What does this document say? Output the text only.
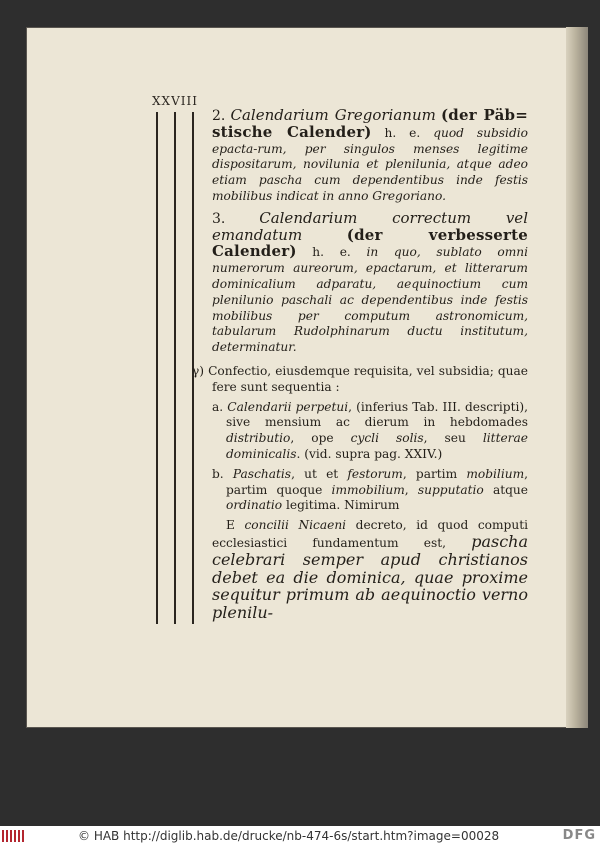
XXVIII

2. Calendarium Gregorianum (der Päb= stische Calender) h. e. quod subsidio epacta-rum, per singulos menses legitime dispositarum, novilunia et plenilunia, atque adeo etiam pascha cum dependentibus inde festis mobilibus indicat in anno Gregoriano.

3. Calendarium correctum vel emandatum	(der verbesserte Calender) h. e. in quo, sublato omni numerorum aureorum, epactarum, et litterarum dominicalium adparatu, aequinoctium cum plenilunio paschali ac dependentibus inde festis mobilibus per computum astronomicum, tabularum Rudolphinarum ductu institutum, determinatur.

γ) Confectio, eiusdemque requisita, vel subsidia; quae fere sunt sequentia :

a. Calendarii perpetui, (inferius Tab. III. descripti), sive mensium ac dierum in hebdomades distributio, ope cycli solis, seu litterae dominicalis. (vid. supra pag. XXIV.)

b. Paschatis, ut et festorum, partim mobilium, partim quoque immobilium, supputatio atque ordinatio legitima. Nimirum

E concilii Nicaeni decreto, id quod computi ecclesiastici fundamentum est, pascha celebrari semper apud christianos debet ea die dominica, quae proxime sequitur primum ab aequinoctio verno plenilu-

© HAB http://diglib.hab.de/drucke/nb-474-6s/start.htm?image=00028	DFG
